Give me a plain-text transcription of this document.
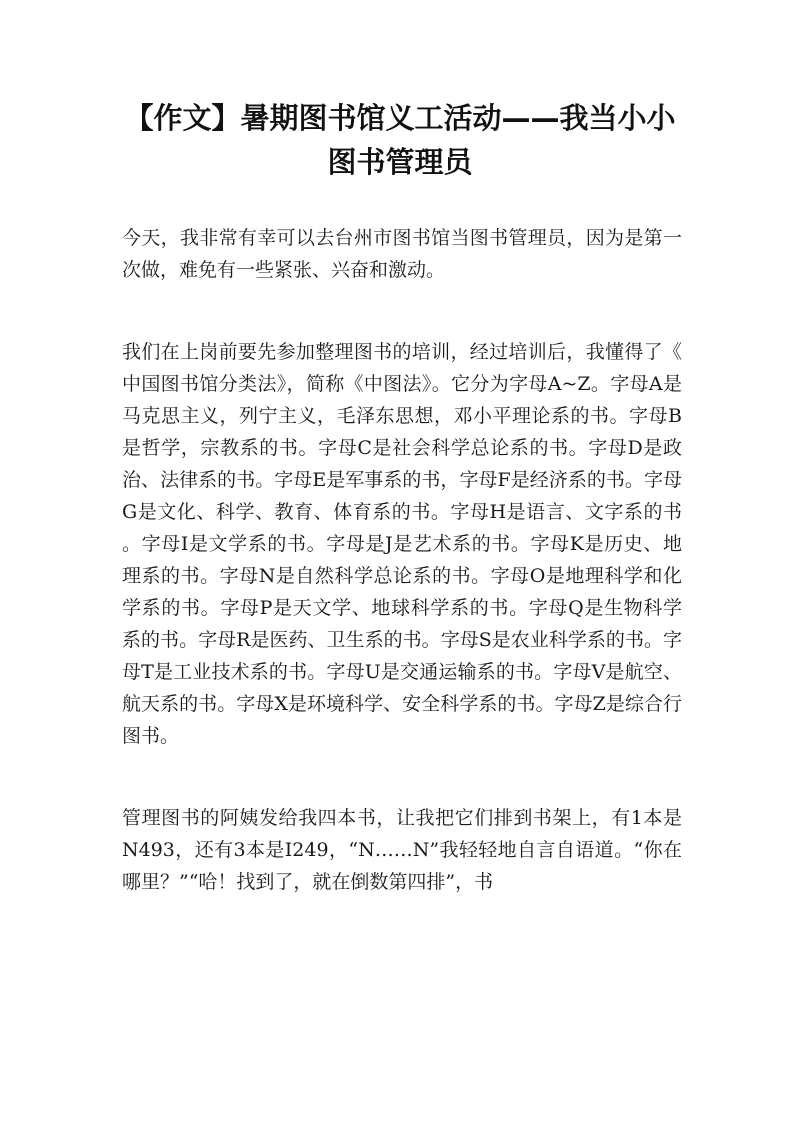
【作文】暑期图书馆义工活动——我当小小
图书管理员

今天，我非常有幸可以去台州市图书馆当图书管理员，因为是第一次做，难免有一些紧张、兴奋和激动。

我们在上岗前要先参加整理图书的培训，经过培训后，我懂得了《中国图书馆分类法》，简称《中图法》。它分为字母A~Z。字母A是马克思主义，列宁主义，毛泽东思想，邓小平理论系的书。字母B是哲学，宗教系的书。字母C是社会科学总论系的书。字母D是政治、法律系的书。字母E是军事系的书，字母F是经济系的书。字母G是文化、科学、教育、体育系的书。字母H是语言、文字系的书。字母I是文学系的书。字母是J是艺术系的书。字母K是历史、地理系的书。字母N是自然科学总论系的书。字母O是地理科学和化学系的书。字母P是天文学、地球科学系的书。字母Q是生物科学系的书。字母R是医药、卫生系的书。字母S是农业科学系的书。字母T是工业技术系的书。字母U是交通运输系的书。字母V是航空、航天系的书。字母X是环境科学、安全科学系的书。字母Z是综合行图书。

管理图书的阿姨发给我四本书，让我把它们排到书架上，有1本是N493，还有3本是I249，“N……N”我轻轻地自言自语道。“你在哪里？”“哈！找到了，就在倒数第四排”，书
